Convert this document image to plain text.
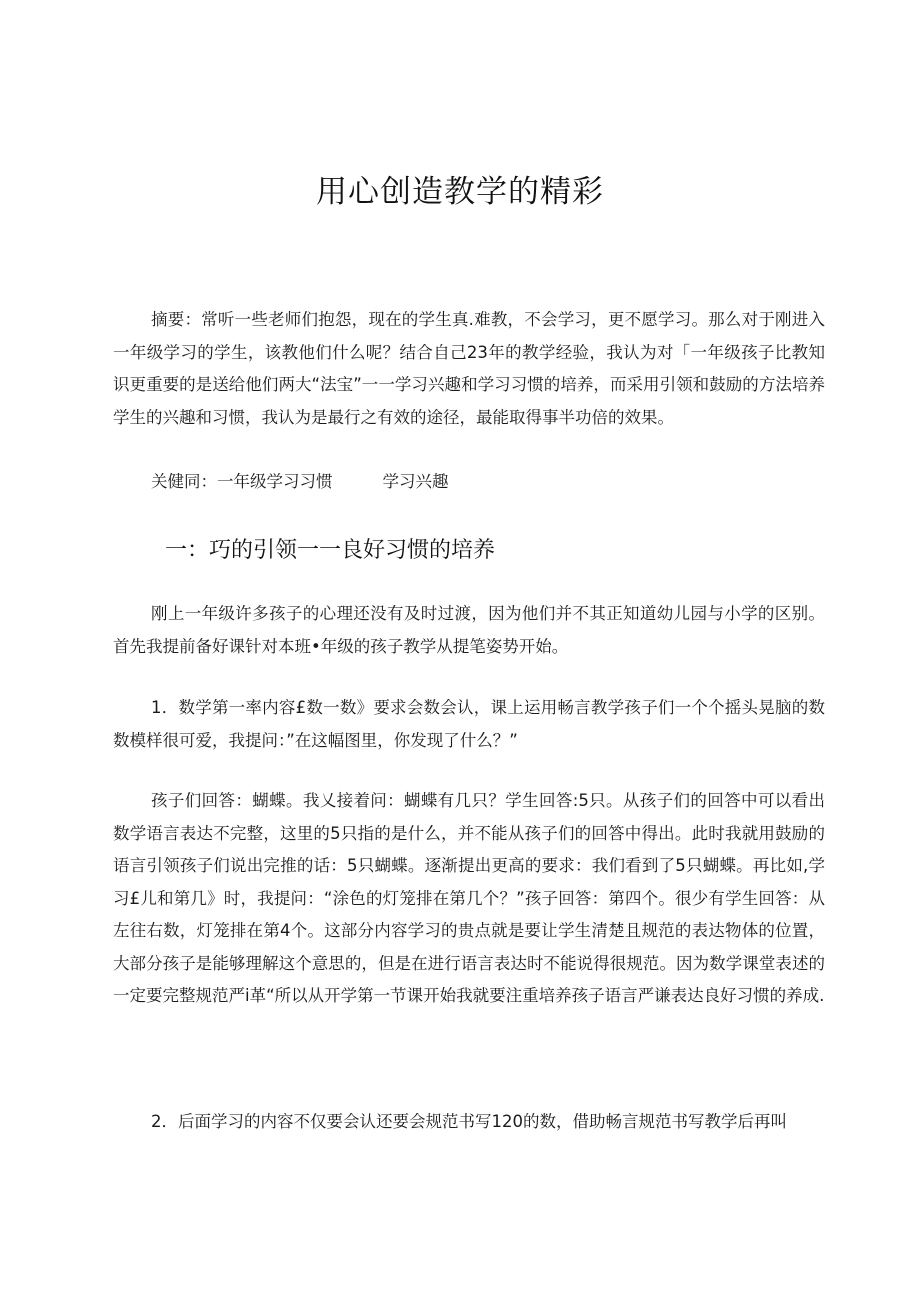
用心创造教学的精彩

摘要：常听一些老师们抱怨，现在的学生真.难教，不会学习，更不愿学习。那么对于刚进入一年级学习的学生，该教他们什么呢？结合自己23年的教学经验，我认为对「一年级孩子比教知识更重要的是送给他们两大“法宝”一一学习兴趣和学习习惯的培养，而采用引领和鼓励的方法培养学生的兴趣和习惯，我认为是最行之有效的途径，最能取得事半功倍的效果。

关健同：一年级学习习惯	学习兴趣

一：巧的引领一一良好习惯的培养

刚上一年级许多孩子的心理还没有及时过渡，因为他们并不其正知道幼儿园与小学的区别。首先我提前备好课针对本班•年级的孩子教学从提笔姿势开始。

1．数学第一率内容£数一数》要求会数会认，课上运用畅言教学孩子们一个个摇头晃脑的数数模样很可爱，我提问：”在这幅图里，你发现了什么？”

孩子们回答：蝴蝶。我乂接着问：蝴蝶有几只？学生回答:5只。从孩子们的回答中可以看出数学语言表达不完整，这里的5只指的是什么，并不能从孩子们的回答中得出。此时我就用鼓励的语言引领孩子们说出完推的话：5只蝴蝶。逐渐提出更高的要求：我们看到了5只蝴蝶。再比如,学习£儿和第几》时，我提问：“涂色的灯笼排在第几个？”孩子回答：第四个。很少有学生回答：从左往右数，灯笼排在第4个。这部分内容学习的贵点就是要让学生清楚且规范的表达物体的位置，大部分孩子是能够理解这个意思的，但是在进行语言表达时不能说得很规范。因为数学课堂表述的一定要完整规范严i革“所以从开学第一节课开始我就要注重培养孩子语言严谦表达良好习惯的养成.

2．后面学习的内容不仅要会认还要会规范书写120的数，借助畅言规范书写教学后再叫
